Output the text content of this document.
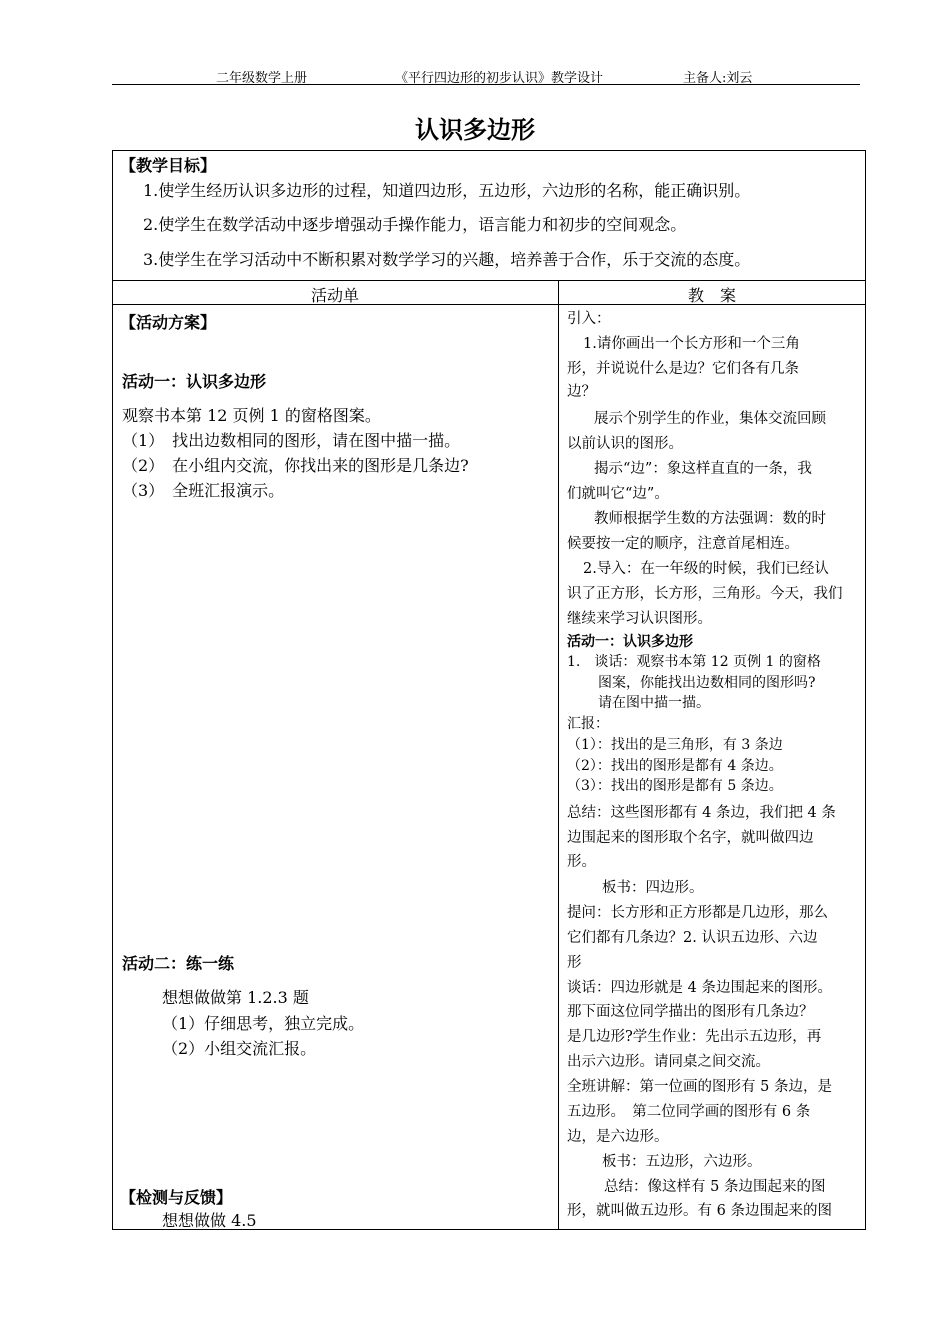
二年级数学上册	《平行四边形的初步认识》教学设计	主备人:刘云
认识多边形
【教学目标】
1.使学生经历认识多边形的过程，知道四边形，五边形，六边形的名称，能正确识别。
2.使学生在数学活动中逐步增强动手操作能力，语言能力和初步的空间观念。
3.使学生在学习活动中不断积累对数学学习的兴趣，培养善于合作，乐于交流的态度。
活动单	教　案
【活动方案】
活动一：认识多边形
观察书本第 12 页例 1 的窗格图案。
（1）　找出边数相同的图形，请在图中描一描。
（2）　在小组内交流，你找出来的图形是几条边?
（3）　全班汇报演示。
活动二：练一练
想想做做第 1.2.3 题
（1）仔细思考，独立完成。
（2）小组交流汇报。
【检测与反馈】
想想做做 4.5
引入：
1.请你画出一个长方形和一个三角
形，并说说什么是边？它们各有几条
边？
展示个别学生的作业，集体交流回顾
以前认识的图形。
揭示“边”：象这样直直的一条，我
们就叫它“边”。
教师根据学生数的方法强调：数的时
候要按一定的顺序，注意首尾相连。
2.导入：在一年级的时候，我们已经认
识了正方形，长方形，三角形。今天，我们
继续来学习认识图形。
活动一：认识多边形
1.　谈话：观察书本第 12 页例 1 的窗格
图案，你能找出边数相同的图形吗?
请在图中描一描。
汇报：
（1）：找出的是三角形，有 3 条边
（2）：找出的图形是都有 4 条边。
（3）：找出的图形是都有 5 条边。
总结：这些图形都有 4 条边，我们把 4 条
边围起来的图形取个名字，就叫做四边
形。
板书：四边形。
提问：长方形和正方形都是几边形，那么
它们都有几条边？2. 认识五边形、六边
形
谈话：四边形就是 4 条边围起来的图形。
那下面这位同学描出的图形有几条边？
是几边形?学生作业：先出示五边形，再
出示六边形。请同桌之间交流。
全班讲解：第一位画的图形有 5 条边，是
五边形。　第二位同学画的图形有 6 条
边，是六边形。
板书：五边形，六边形。
总结：像这样有 5 条边围起来的图
形，就叫做五边形。有 6 条边围起来的图
